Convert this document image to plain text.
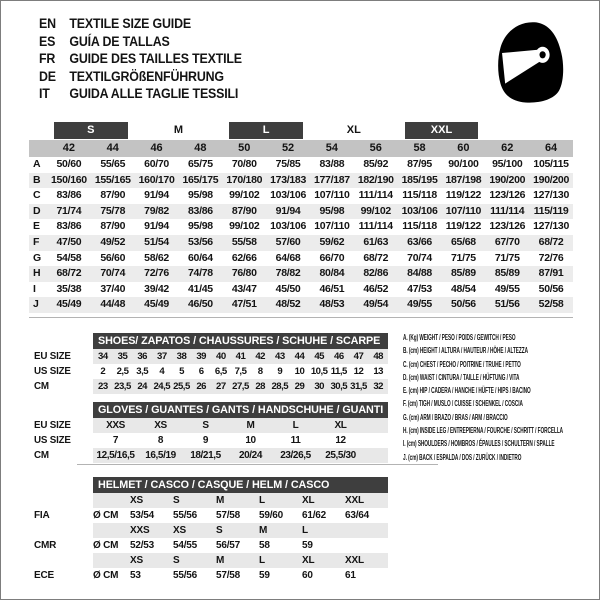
EN TEXTILE SIZE GUIDE
ES	GUÍA DE TALLAS
FR	GUIDE DES TAILLES TEXTILE
DE TEXTILGRÖßENFÜHRUNG
IT	GUIDA ALLE TAGLIE TESSILI
S	M	L	XL	XXL
42	44	46	48	50	52	54	56	58	60	62	64
A	50/60	55/65	60/70	65/75	70/80	75/85	83/88	85/92	87/95	90/100	95/100	105/115
B 150/160 155/165 160/170 165/175 170/180 173/183 177/187 182/190 185/195 187/198 190/200 190/200
C	83/86	87/90	91/94	95/98	99/102	103/106 107/110 111/114 115/118 119/122 123/126 127/130
D	71/74	75/78	79/82	83/86	87/90	91/94	95/98	99/102	103/106 107/110 111/114 115/119
E	83/86	87/90	91/94	95/98	99/102	103/106 107/110 111/114 115/118 119/122 123/126 127/130
F	47/50	49/52	51/54	53/56	55/58	57/60	59/62	61/63	63/66	65/68	67/70	68/72
G	54/58	56/60	58/62	60/64	62/66	64/68	66/70	68/72	70/74	71/75	71/75	72/76
H	68/72	70/74	72/76	74/78	76/80	78/82	80/84	82/86	84/88	85/89	85/89	87/91
I	35/38	37/40	39/42	41/45	43/47	45/50	46/51	46/52	47/53	48/54	49/55	50/56
J	45/49	44/48	45/49	46/50	47/51	48/52	48/53	49/54	49/55	50/56	51/56	52/58
SHOES/ ZAPATOS / CHAUSSURES / SCHUHE / SCARPE
EU SIZE	34	35	36	37	38	39	40	41	42	43	44	45	46	47	48
US SIZE	2	2,5 3,5	4	5	6	6,5 7,5	8	9	10 10,5 11,5 12	13
CM	23 23,5 24 24,5 25,5 26	27 27,5 28 28,5 29	30 30,5 31,5 32
GLOVES / GUANTES / GANTS / HANDSCHUHE / GUANTI
EU SIZE	XXS	XS	S	M	L	XL
US SIZE	7	8	9	10	11	12
CM	12,5/16,5	16,5/19	18/21,5	20/24	23/26,5	25,5/30
HELMET / CASCO / CASQUE / HELM / CASCO
XS	S	M	L	XL	XXL
FIA	Ø CM	53/54	55/56	57/58	59/60	61/62	63/64
XXS	XS	S	M	L
CMR	Ø CM	52/53	54/55	56/57	58	59
XS	S	M	L	XL	XXL
ECE	Ø CM	53	55/56	57/58	59	60	61
A. (Kg) WEIGHT / PESO / POIDS / GEWITCH / PESO
B. (cm) HEIGHT / ALTURA / HAUTEUR / HÖHE / ALTEZZA
C. (cm) CHEST / PECHO / POITRINE / TRUHE / PETTO
D. (cm) WAIST / CINTURA / TAILLE / HÜFTUNG / VITA
E. (cm) HIP / CADERA / HANCHE / HÜFTE / HIPS / BACINO
F. (cm) TIGH / MUSLO / CUISSE / SCHENKEL / COSCIA
G. (cm) ARM / BRAZO / BRAS / ARM / BRACCIO
H. (cm) INSIDE LEG / ENTREPIERNA / FOURCHE / SCHRITT / FORCELLA
I. (cm) SHOULDERS / HOMBROS / ÉPAULES / SCHULTERN / SPALLE
J. (cm) BACK / ESPALDA / DOS / ZURÜCK / INDIETRO
